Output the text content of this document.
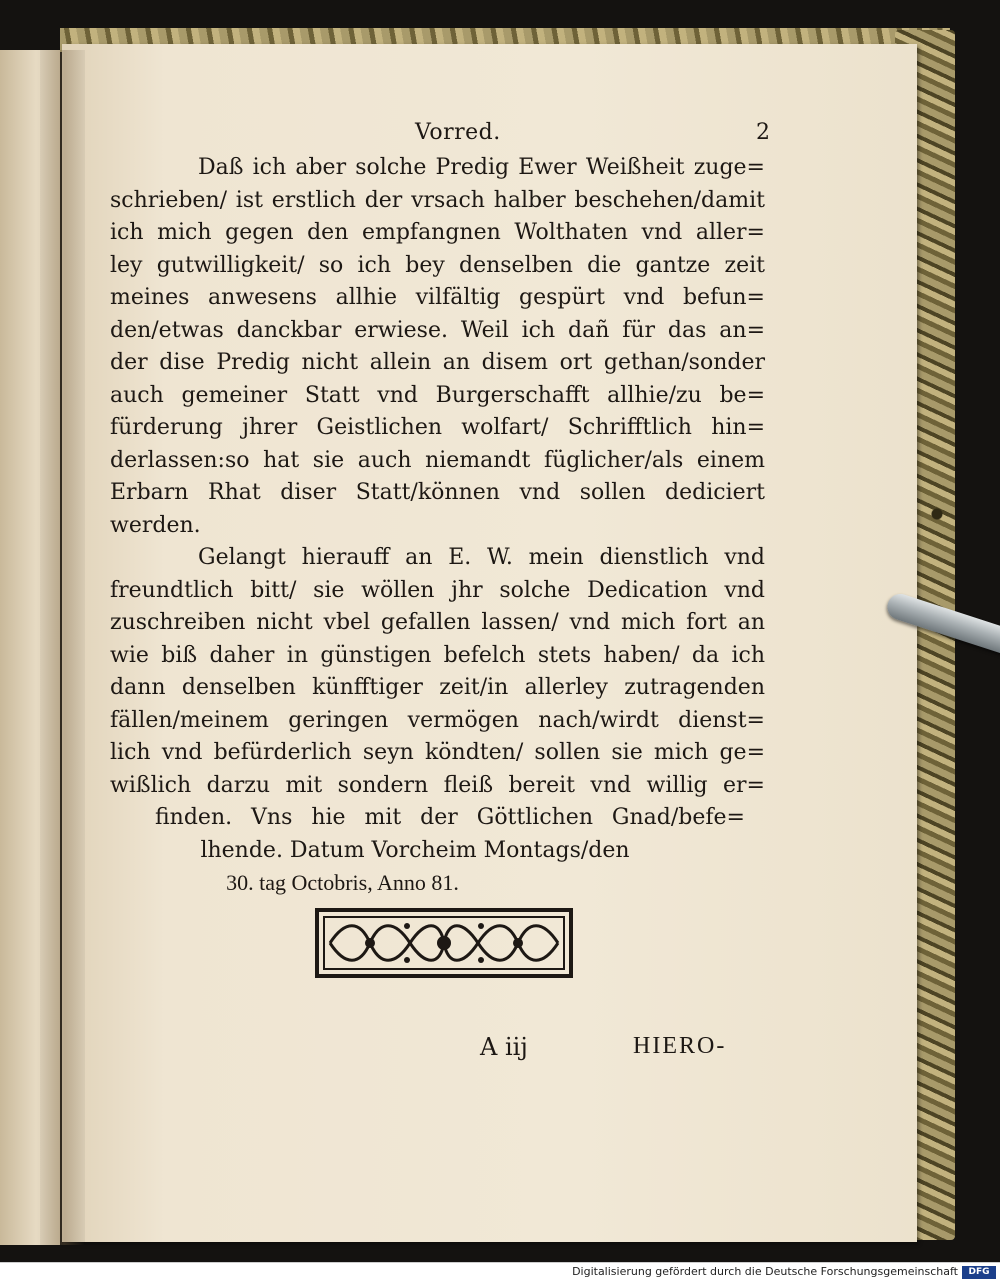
Vorred.	2
Daß ich aber solche Predig Ewer Weißheit zuge=
schrieben/ ist erstlich der vrsach halber beschehen/damit
ich mich gegen den empfangnen Wolthaten vnd aller=
ley gutwilligkeit/ so ich bey denselben die gantze zeit
meines anwesens allhie vilfältig gespürt vnd befun=
den/etwas danckbar erwiese. Weil ich dañ für das an=
der dise Predig nicht allein an disem ort gethan/sonder
auch gemeiner Statt vnd Burgerschafft allhie/zu be=
fürderung jhrer Geistlichen wolfart/ Schrifftlich hin=
derlassen:so hat sie auch niemandt füglicher/als einem
Erbarn Rhat diser Statt/können vnd sollen dediciert
werden.
Gelangt hierauff an E. W. mein dienstlich vnd
freundtlich bitt/ sie wöllen jhr solche Dedication vnd
zuschreiben nicht vbel gefallen lassen/ vnd mich fort an
wie biß daher in günstigen befelch stets haben/ da ich
dann denselben künfftiger zeit/in allerley zutragenden
fällen/meinem geringen vermögen nach/wirdt dienst=
lich vnd befürderlich seyn köndten/ sollen sie mich ge=
wißlich darzu mit sondern fleiß bereit vnd willig er=
finden. Vns hie mit der Göttlichen Gnad/befe=
lhende. Datum Vorcheim Montags/den
30. tag Octobris, Anno 81.
A iij	HIERO-
Digitalisierung gefördert durch die Deutsche Forschungsgemeinschaft	DFG
